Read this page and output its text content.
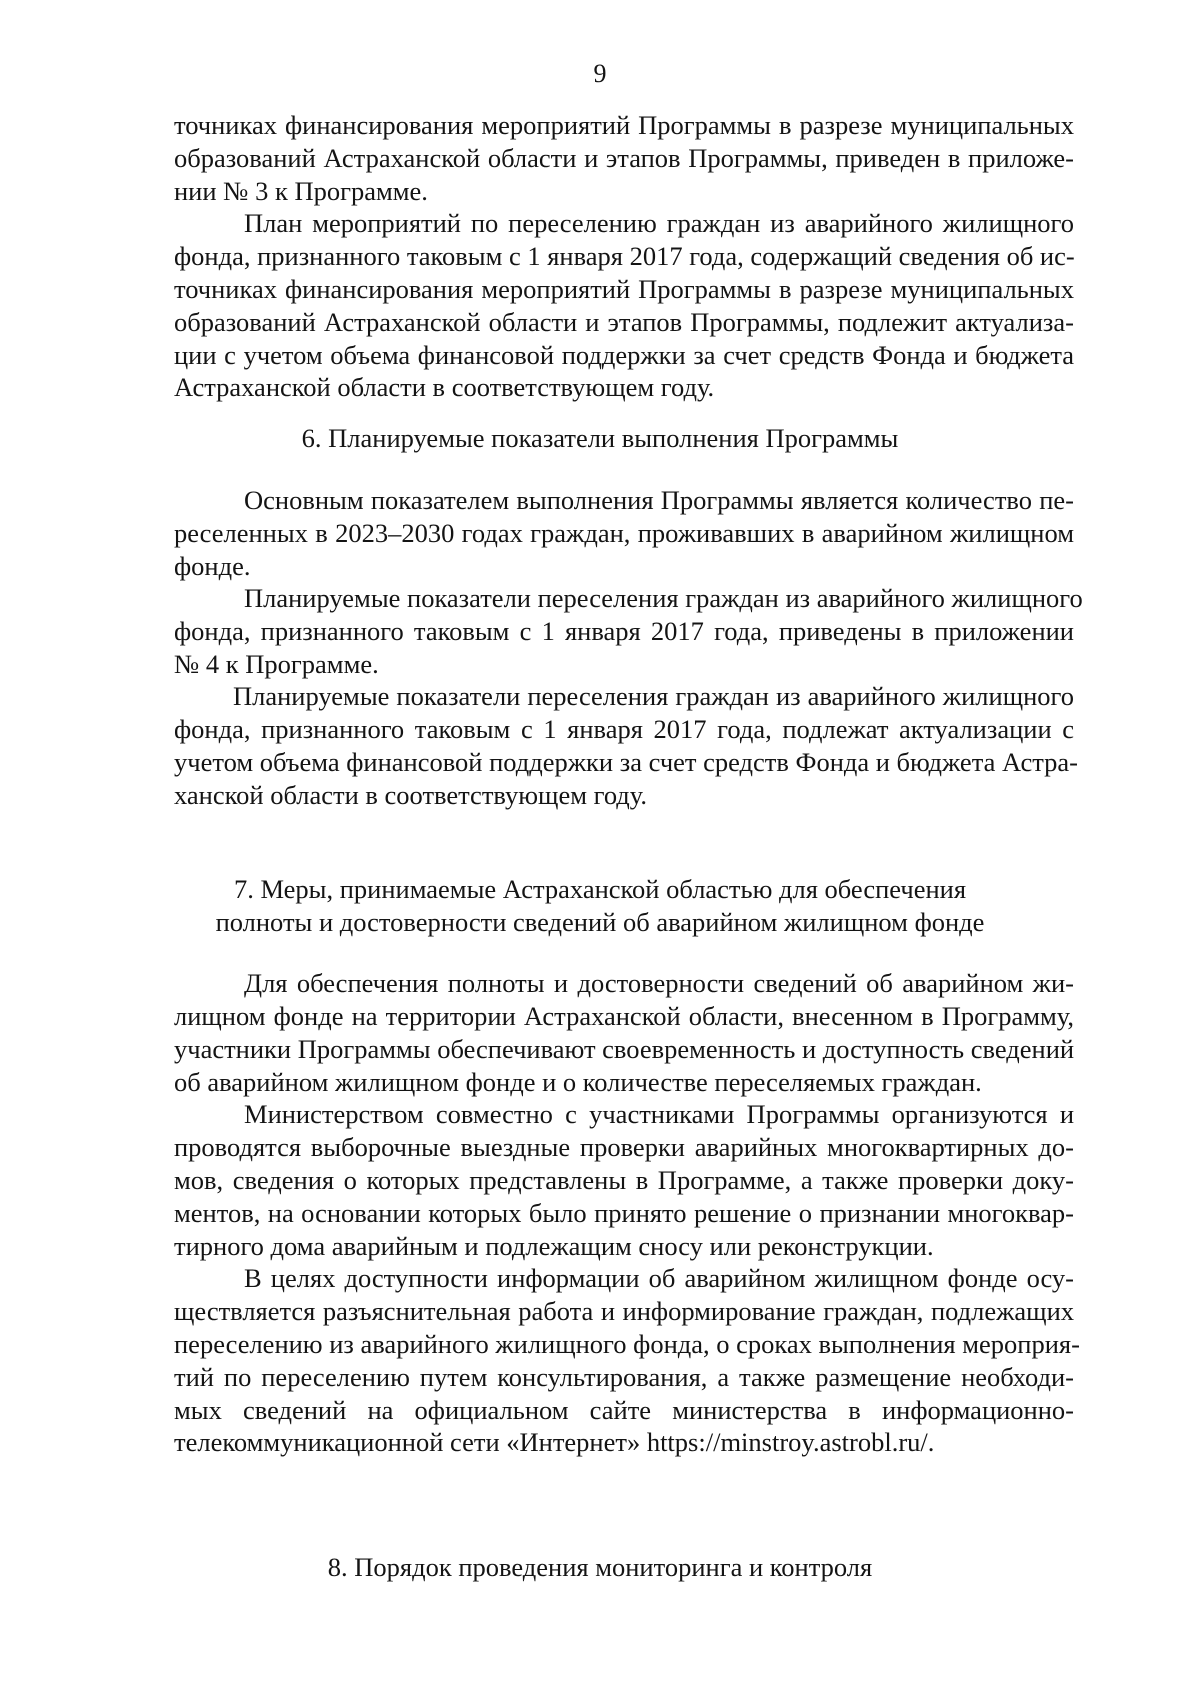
9
точниках финансирования мероприятий Программы в разрезе муниципальных
образований Астраханской области и этапов Программы, приведен в приложе-
нии № 3 к Программе.
План мероприятий по переселению граждан из аварийного жилищного
фонда, признанного таковым с 1 января 2017 года, содержащий сведения об ис-
точниках финансирования мероприятий Программы в разрезе муниципальных
образований Астраханской области и этапов Программы, подлежит актуализа-
ции с учетом объема финансовой поддержки за счет средств Фонда и бюджета
Астраханской области в соответствующем году.
6. Планируемые показатели выполнения Программы
Основным показателем выполнения Программы является количество пе-
реселенных в 2023–2030 годах граждан, проживавших в аварийном жилищном
фонде.
Планируемые показатели переселения граждан из аварийного жилищного
фонда, признанного таковым с 1 января 2017 года, приведены в приложении
№ 4 к Программе.
Планируемые показатели переселения граждан из аварийного жилищного
фонда, признанного таковым с 1 января 2017 года, подлежат актуализации с
учетом объема финансовой поддержки за счет средств Фонда и бюджета Астра-
ханской области в соответствующем году.
7. Меры, принимаемые Астраханской областью для обеспечения
полноты и достоверности сведений об аварийном жилищном фонде
Для обеспечения полноты и достоверности сведений об аварийном жи-
лищном фонде на территории Астраханской области, внесенном в Программу,
участники Программы обеспечивают своевременность и доступность сведений
об аварийном жилищном фонде и о количестве переселяемых граждан.
Министерством совместно с участниками Программы организуются и
проводятся выборочные выездные проверки аварийных многоквартирных до-
мов, сведения о которых представлены в Программе, а также проверки доку-
ментов, на основании которых было принято решение о признании многоквар-
тирного дома аварийным и подлежащим сносу или реконструкции.
В целях доступности информации об аварийном жилищном фонде осу-
ществляется разъяснительная работа и информирование граждан, подлежащих
переселению из аварийного жилищного фонда, о сроках выполнения мероприя-
тий по переселению путем консультирования, а также размещение необходи-
мых сведений на официальном сайте министерства в информационно-
телекоммуникационной сети «Интернет» https://minstroy.astrobl.ru/.
8. Порядок проведения мониторинга и контроля
